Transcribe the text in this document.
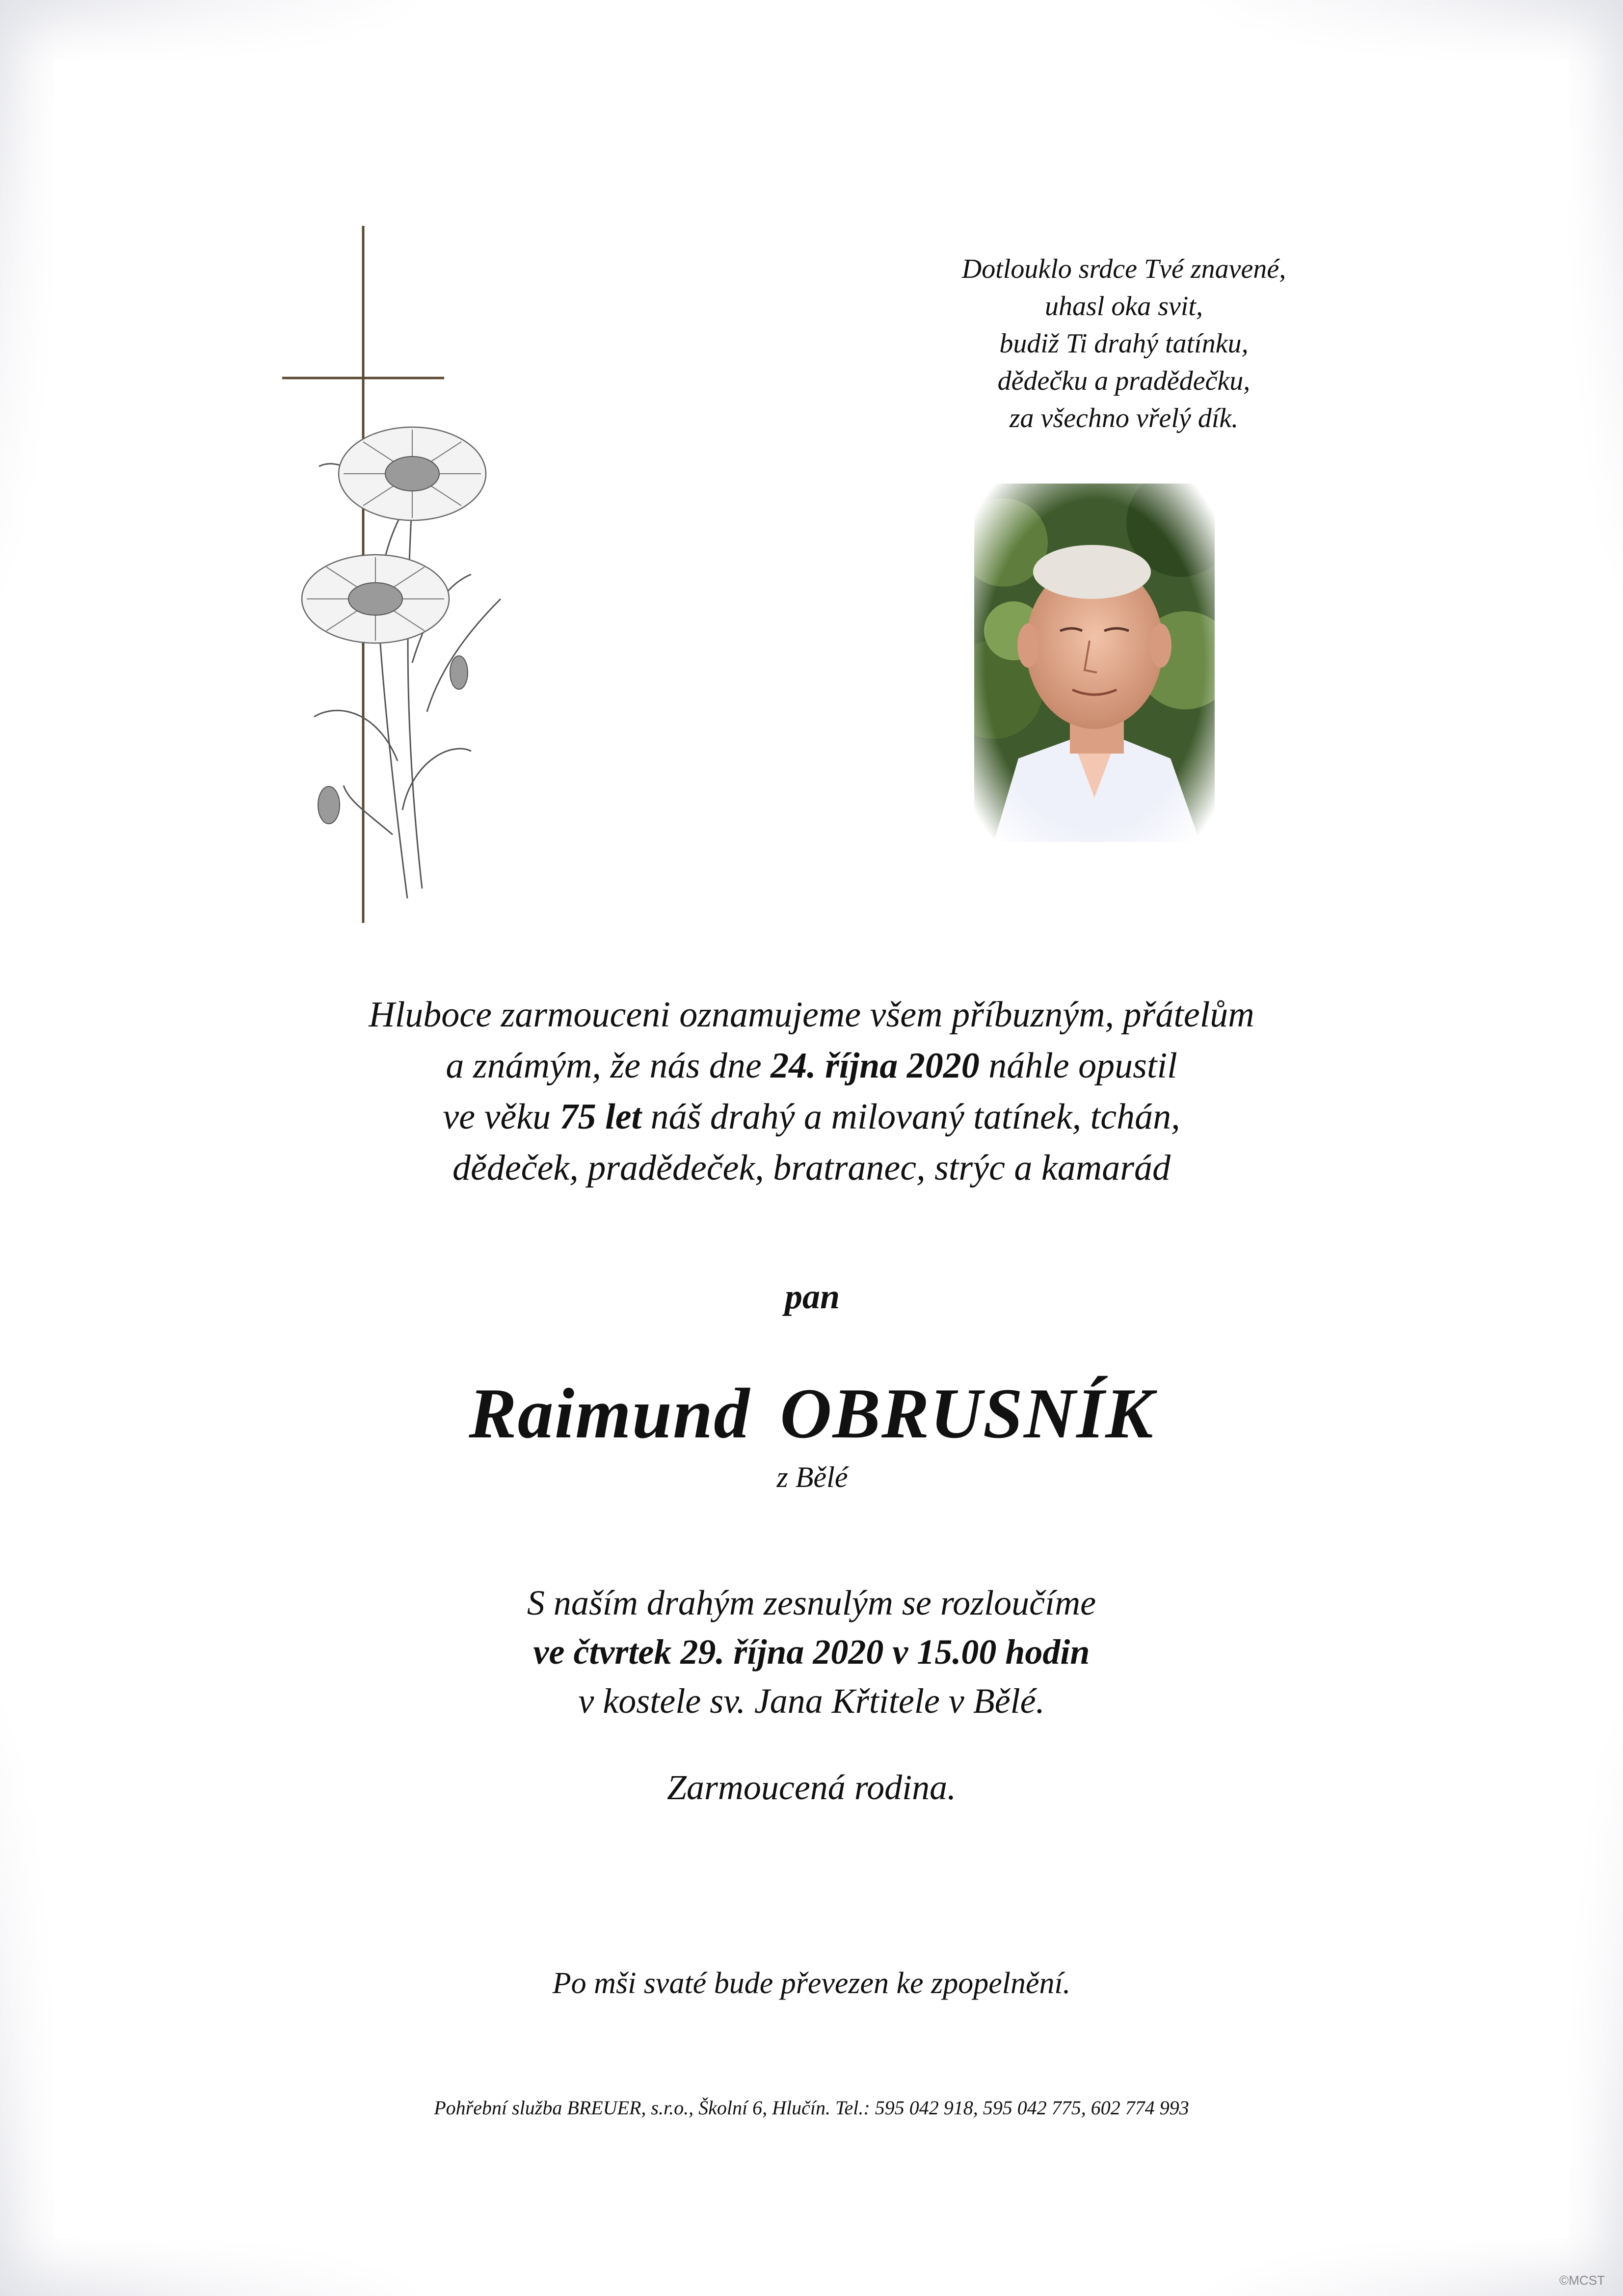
Dotlouklo srdce Tvé znavené,
uhasl oka svit,
budiž Ti drahý tatínku,
dědečku a pradědečku,
za všechno vřelý dík.
Hluboce zarmouceni oznamujeme všem příbuzným, přátelům
a známým, že nás dne 24. října 2020 náhle opustil
ve věku 75 let náš drahý a milovaný tatínek, tchán,
dědeček, pradědeček, bratranec, strýc a kamarád
pan
Raimund OBRUSNÍK
z Bělé
S naším drahým zesnulým se rozloučíme
ve čtvrtek 29. října 2020 v 15.00 hodin
v kostele sv. Jana Křtitele v Bělé.
Zarmoucená rodina.
Po mši svaté bude převezen ke zpopelnění.
Pohřební služba BREUER, s.r.o., Školní 6, Hlučín. Tel.: 595 042 918, 595 042 775, 602 774 993
©MCST
